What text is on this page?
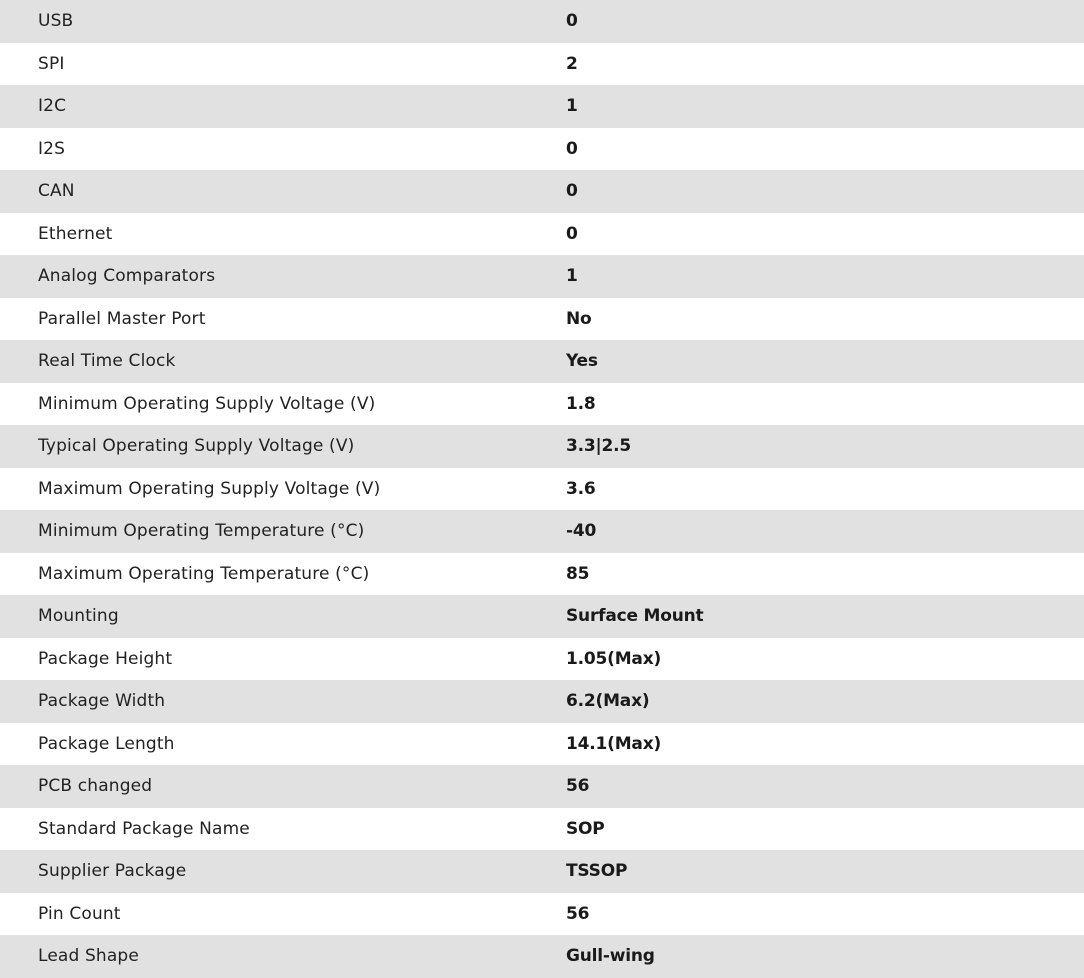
USB	0
SPI	2
I2C	1
I2S	0
CAN	0
Ethernet	0
Analog Comparators	1
Parallel Master Port	No
Real Time Clock	Yes
Minimum Operating Supply Voltage (V)	1.8
Typical Operating Supply Voltage (V)	3.3|2.5
Maximum Operating Supply Voltage (V)	3.6
Minimum Operating Temperature (°C)	-40
Maximum Operating Temperature (°C)	85
Mounting	Surface Mount
Package Height	1.05(Max)
Package Width	6.2(Max)
Package Length	14.1(Max)
PCB changed	56
Standard Package Name	SOP
Supplier Package	TSSOP
Pin Count	56
Lead Shape	Gull-wing
